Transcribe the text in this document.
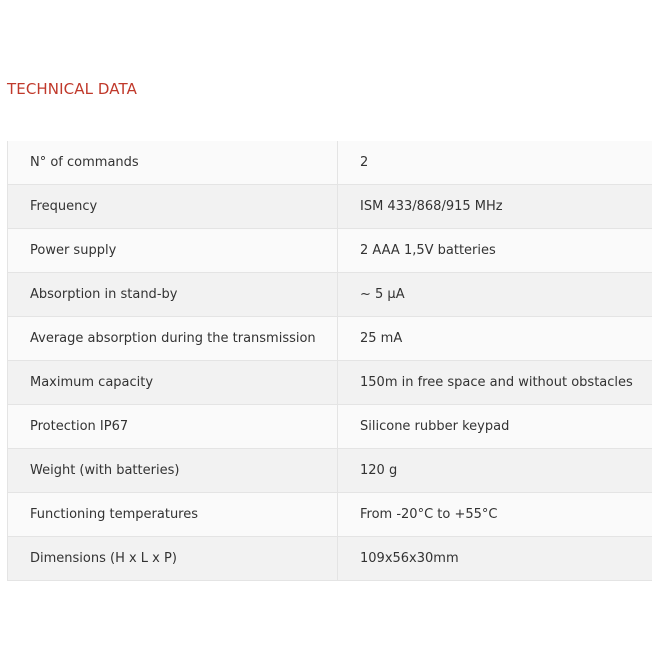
TECHNICAL DATA
N° of commands	2
Frequency	ISM 433/868/915 MHz
Power supply	2 AAA 1,5V batteries
Absorption in stand-by	~ 5 µA
Average absorption during the transmission	25 mA
Maximum capacity	150m in free space and without obstacles
Protection IP67	Silicone rubber keypad
Weight (with batteries)	120 g
Functioning temperatures	From -20°C to +55°C
Dimensions (H x L x P)	109x56x30mm
